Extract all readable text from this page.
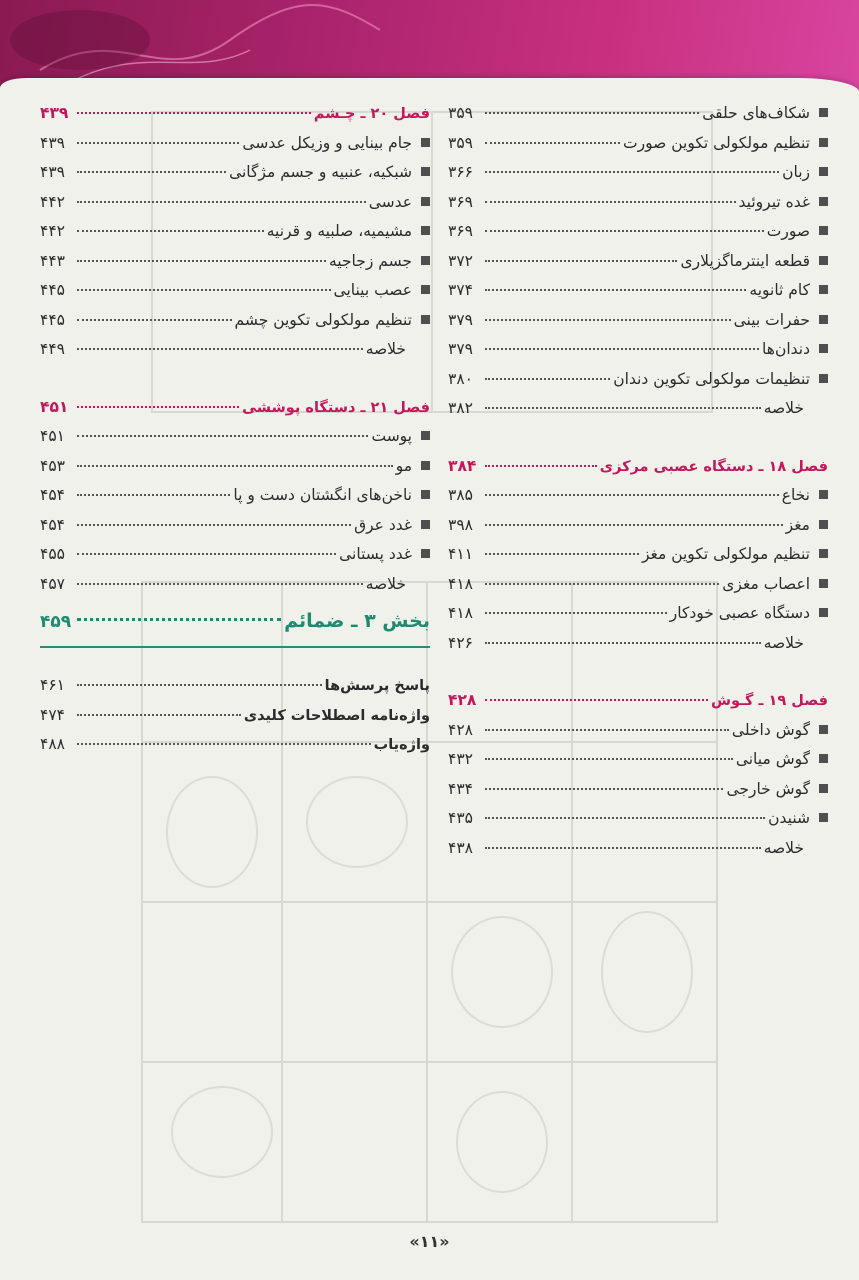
شکاف‌های حلقی
۳۵۹
تنظیم مولکولی تکوین صورت
۳۵۹
زبان
۳۶۶
غده تیروئید
۳۶۹
صورت
۳۶۹
قطعه اینترماگزیلاری
۳۷۲
کام ثانویه
۳۷۴
حفرات بینی
۳۷۹
دندان‌ها
۳۷۹
تنظیمات مولکولی تکوین دندان
۳۸۰
خلاصه
۳۸۲
فصل ۱۸ ـ دستگاه عصبی مرکزی
۳۸۴
نخاع
۳۸۵
مغز
۳۹۸
تنظیم مولکولی تکوین مغز
۴۱۱
اعصاب مغزی
۴۱۸
دستگاه عصبی خودکار
۴۱۸
خلاصه
۴۲۶
فصل ۱۹ ـ گـوش
۴۲۸
گوش داخلی
۴۲۸
گوش میانی
۴۳۲
گوش خارجی
۴۳۴
شنیدن
۴۳۵
خلاصه
۴۳۸
فصل ۲۰ ـ چـشم
۴۳۹
جام بینایی و وزیکل عدسی
۴۳۹
شبکیه، عنبیه و جسم مژگانی
۴۳۹
عدسی
۴۴۲
مشیمیه، صلبیه و قرنیه
۴۴۲
جسم زجاجیه
۴۴۳
عصب بینایی
۴۴۵
تنظیم مولکولی تکوین چشم
۴۴۵
خلاصه
۴۴۹
فصل ۲۱ ـ دستگاه پوششی
۴۵۱
پوست
۴۵۱
مو
۴۵۳
ناخن‌های انگشتان دست و پا
۴۵۴
غدد عرق
۴۵۴
غدد پستانی
۴۵۵
خلاصه
۴۵۷
بخش ۳ ـ ضمائم
۴۵۹
پاسخ پرسش‌ها
۴۶۱
واژه‌نامه اصطلاحات کلیدی
۴۷۴
واژه‌یاب
۴۸۸
«۱۱»
